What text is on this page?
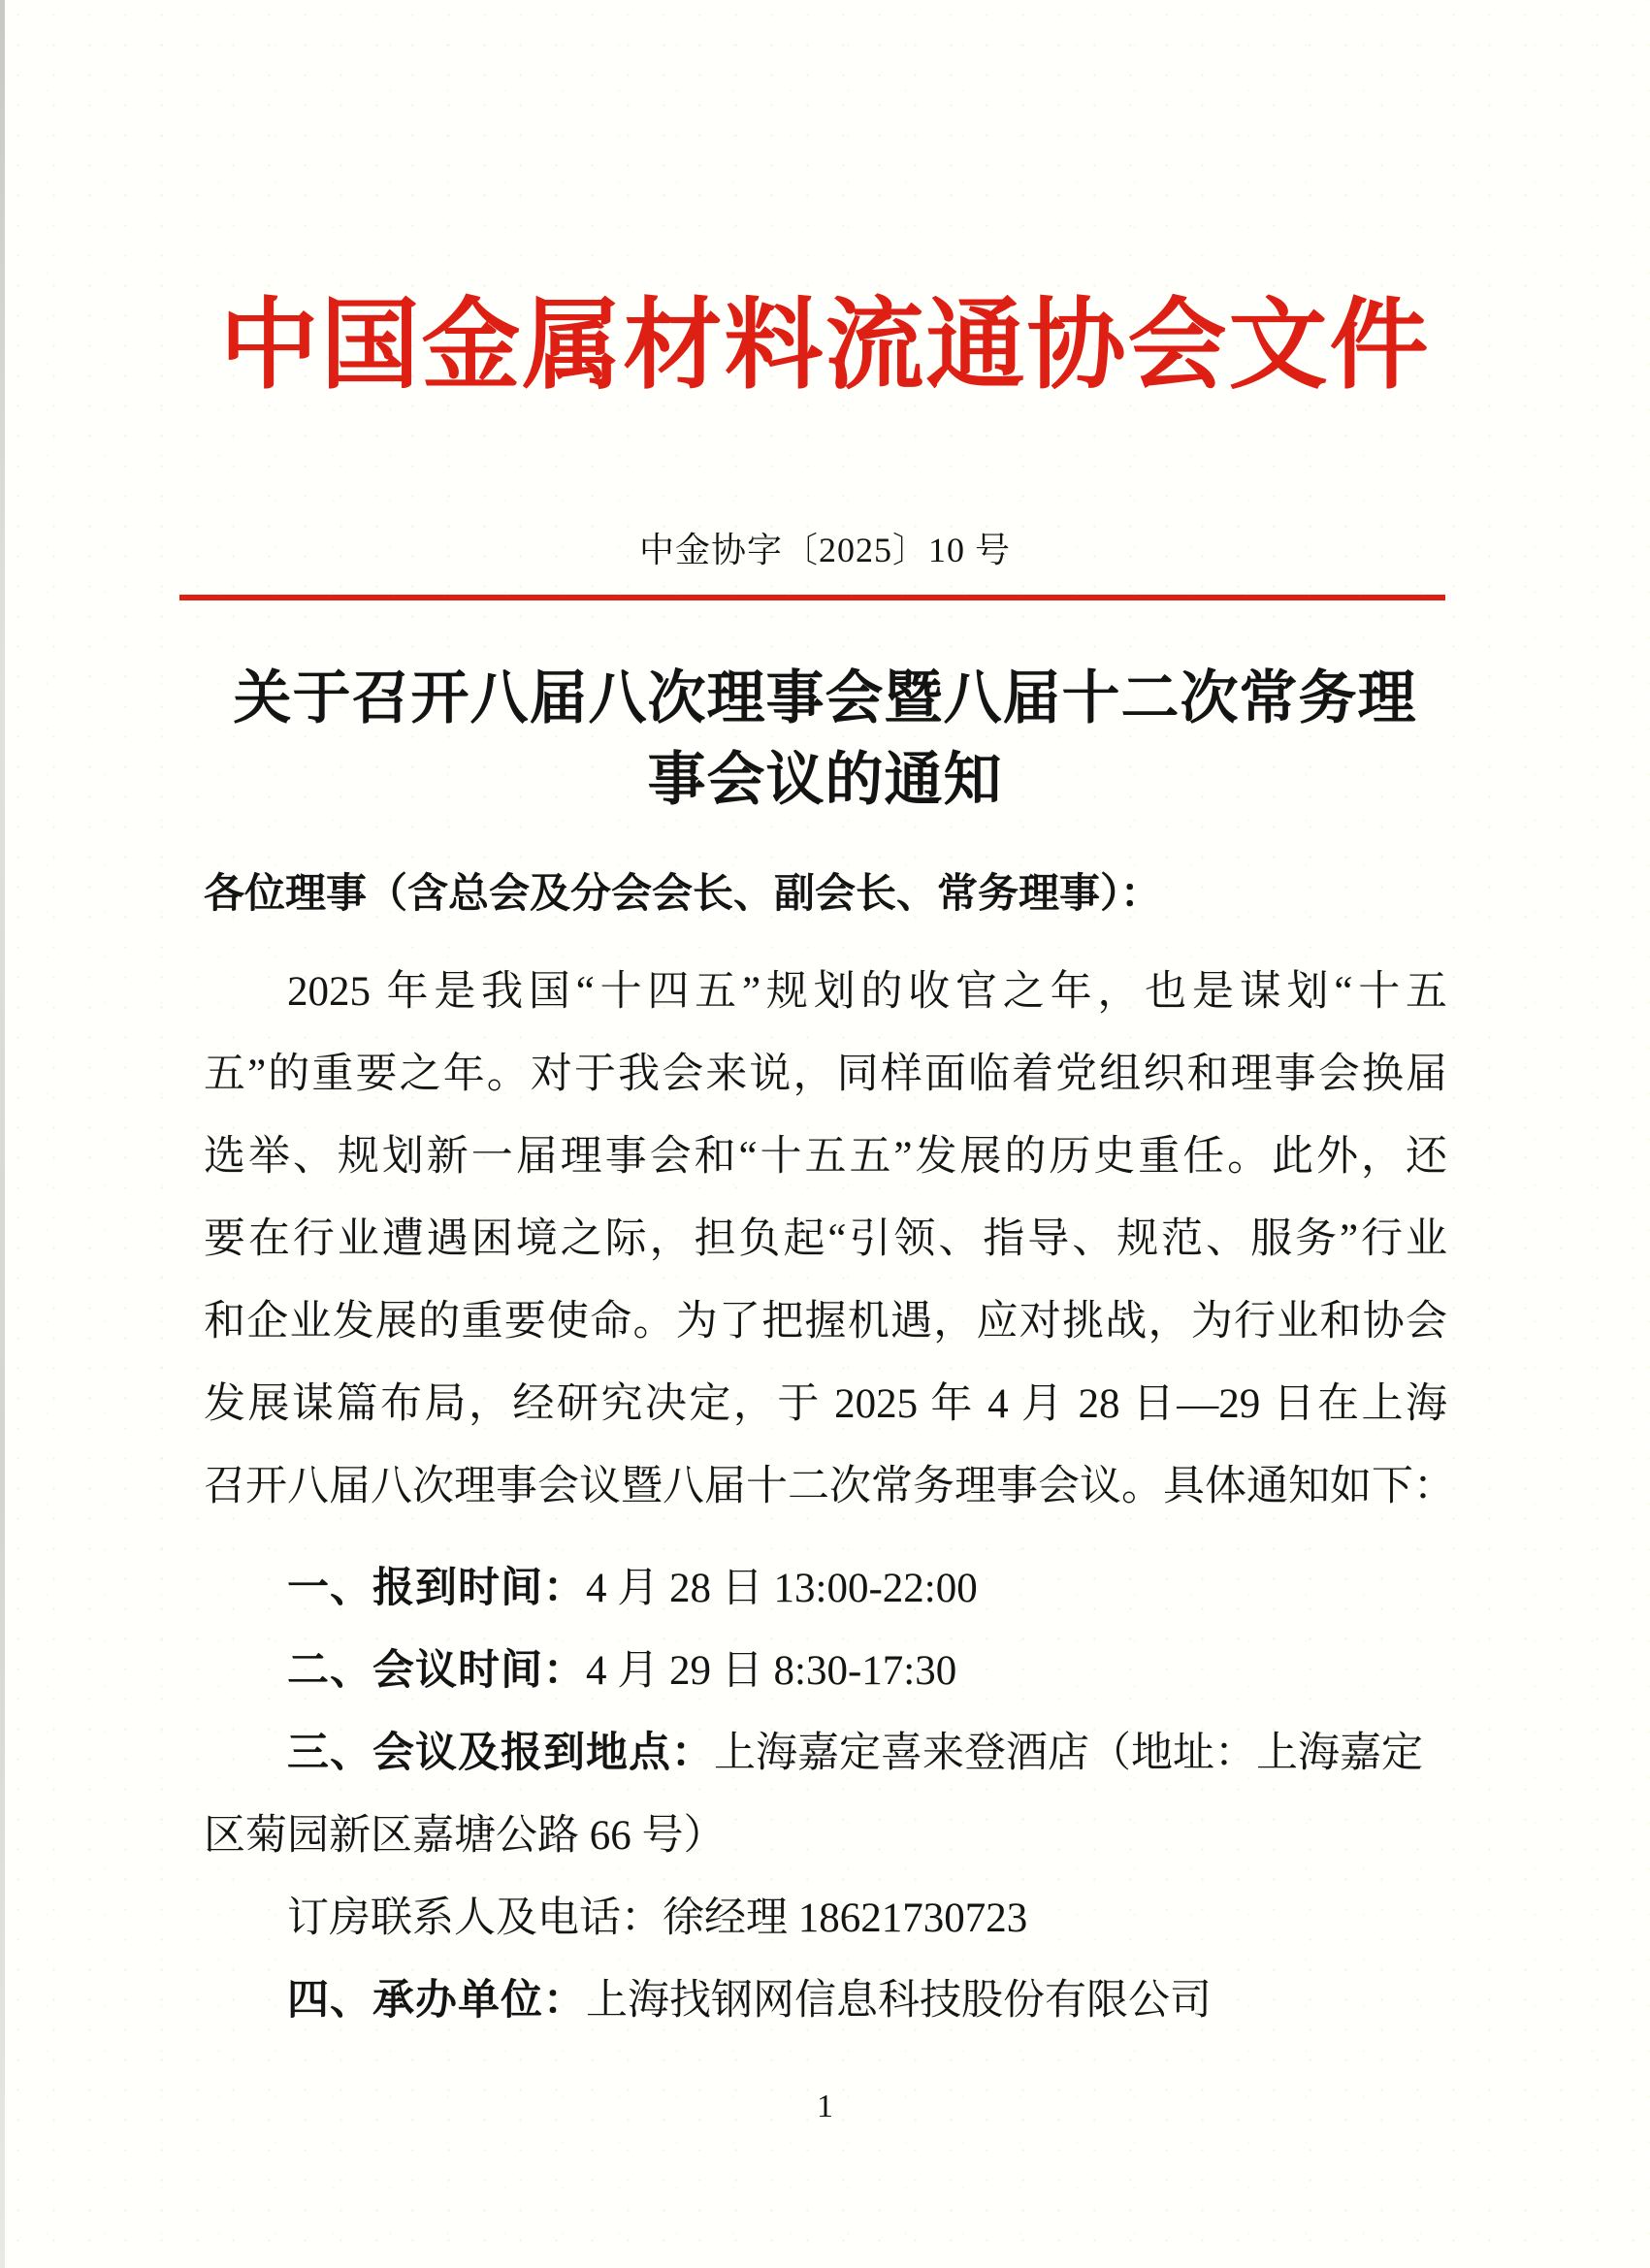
中国金属材料流通协会文件
中金协字〔2025〕10 号
关于召开八届八次理事会暨八届十二次常务理
事会议的通知
各位理事（含总会及分会会长、副会长、常务理事）：
2025 年是我国“十四五”规划的收官之年，也是谋划“十五
五”的重要之年。对于我会来说，同样面临着党组织和理事会换届
选举、规划新一届理事会和“十五五”发展的历史重任。此外，还
要在行业遭遇困境之际，担负起“引领、指导、规范、服务”行业
和企业发展的重要使命。为了把握机遇，应对挑战，为行业和协会
发展谋篇布局，经研究决定，于 2025 年 4 月 28 日—29 日在上海
召开八届八次理事会议暨八届十二次常务理事会议。具体通知如下：
一、报到时间：4 月 28 日 13:00-22:00
二、会议时间：4 月 29 日 8:30-17:30
三、会议及报到地点：上海嘉定喜来登酒店（地址：上海嘉定
区菊园新区嘉塘公路 66 号）
订房联系人及电话：徐经理 18621730723
四、承办单位：上海找钢网信息科技股份有限公司
1
